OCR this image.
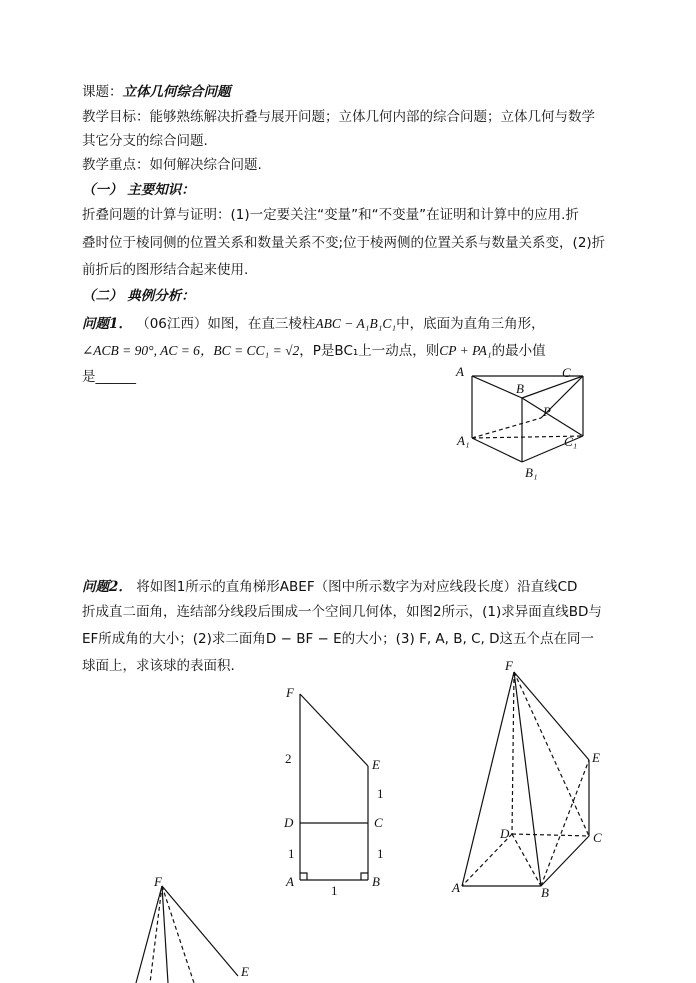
课题：立体几何综合问题
教学目标：能够熟练解决折叠与展开问题；立体几何内部的综合问题；立体几何与数学
其它分支的综合问题.
教学重点：如何解决综合问题.
（一） 主要知识：
折叠问题的计算与证明：(1)一定要关注“变量”和“不变量”在证明和计算中的应用.折
叠时位于棱同侧的位置关系和数量关系不变;位于棱两侧的位置关系与数量关系变，(2)折
前折后的图形结合起来使用.
（二） 典例分析：
问题1． （06江西）如图，在直三棱柱ABC − A₁B₁C₁中，底面为直角三角形，
∠ACB = 90°, AC = 6，BC = CC₁ = √2，P是BC₁上一动点，则CP + PA₁的最小值
是______	A
B
C
P
A₁	C₁
B₁
问题2． 将如图1所示的直角梯形ABEF（图中所示数字为对应线段长度）沿直线CD
折成直二面角，连结部分线段后围成一个空间几何体，如图2所示，(1)求异面直线BD与
EF所成角的大小；(2)求二面角D − BF − E的大小；(3) F, A, B, C, D这五个点在同一
球面上，求该球的表面积.
F
E
D	C
A	B
2
1
1	1
1
F
E
D	C
A	B
F
E
